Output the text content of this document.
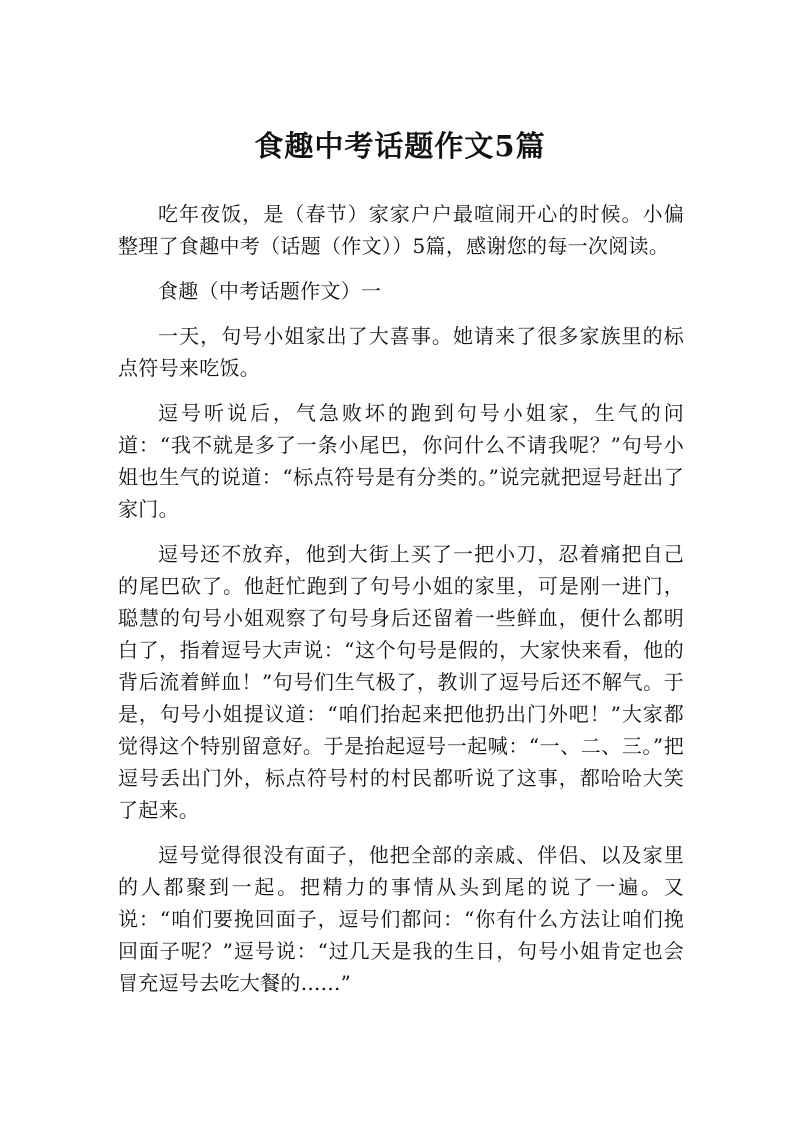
食趣中考话题作文5篇

吃年夜饭，是（春节）家家户户最喧闹开心的时候。小偏整理了食趣中考（话题（作文））5篇，感谢您的每一次阅读。

食趣（中考话题作文）一

一天，句号小姐家出了大喜事。她请来了很多家族里的标点符号来吃饭。

逗号听说后，气急败坏的跑到句号小姐家，生气的问道：“我不就是多了一条小尾巴，你问什么不请我呢？”句号小姐也生气的说道：“标点符号是有分类的。”说完就把逗号赶出了家门。

逗号还不放弃，他到大街上买了一把小刀，忍着痛把自己的尾巴砍了。他赶忙跑到了句号小姐的家里，可是刚一进门，聪慧的句号小姐观察了句号身后还留着一些鲜血，便什么都明白了，指着逗号大声说：“这个句号是假的，大家快来看，他的背后流着鲜血！”句号们生气极了，教训了逗号后还不解气。于是，句号小姐提议道：“咱们抬起来把他扔出门外吧！”大家都觉得这个特别留意好。于是抬起逗号一起喊：“一、二、三。”把逗号丢出门外，标点符号村的村民都听说了这事，都哈哈大笑了起来。

逗号觉得很没有面子，他把全部的亲戚、伴侣、以及家里的人都聚到一起。把精力的事情从头到尾的说了一遍。又说：“咱们要挽回面子，逗号们都问：“你有什么方法让咱们挽回面子呢？”逗号说：“过几天是我的生日，句号小姐肯定也会冒充逗号去吃大餐的......”
